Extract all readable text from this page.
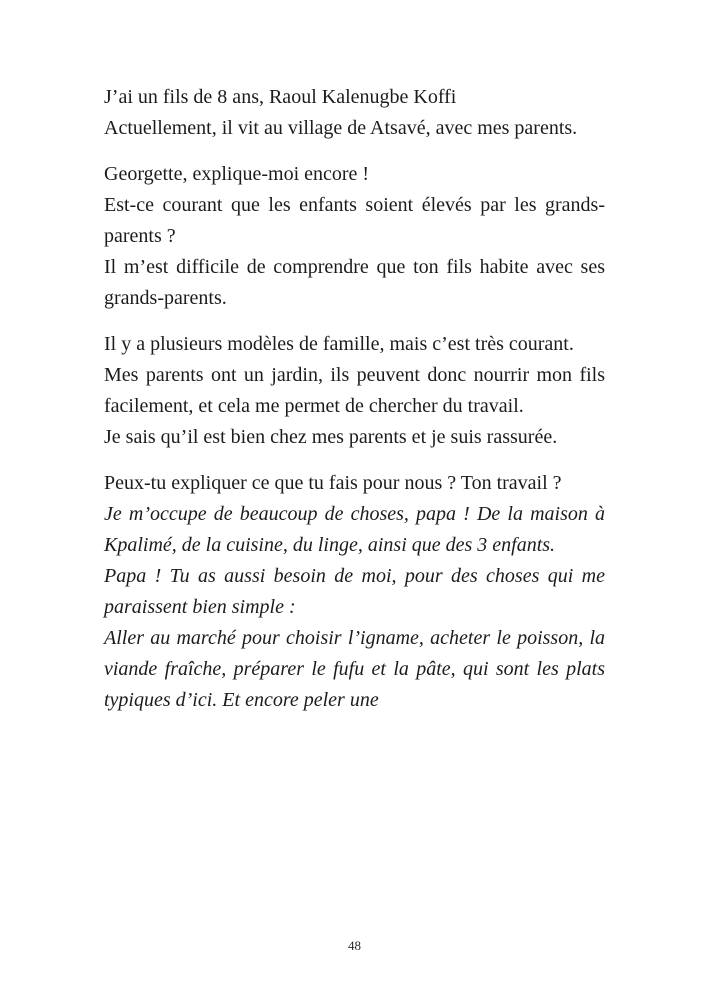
J’ai un fils de 8 ans, Raoul Kalenugbe Koffi

Actuellement, il vit au village de Atsavé, avec mes parents.

Georgette, explique-moi encore !

Est-ce courant que les enfants soient élevés par les grands-parents ?

Il m’est difficile de comprendre que ton fils habite avec ses grands-parents.

Il y a plusieurs modèles de famille, mais c’est très courant.

Mes parents ont un jardin, ils peuvent donc nourrir mon fils facilement, et cela me permet de chercher du travail.

Je sais qu’il est bien chez mes parents et je suis rassurée.

Peux-tu expliquer ce que tu fais pour nous ? Ton travail ?

Je m’occupe de beaucoup de choses, papa ! De la maison à Kpalimé, de la cuisine, du linge, ainsi que des 3 enfants.

Papa ! Tu as aussi besoin de moi, pour des choses qui me paraissent bien simple :

Aller au marché pour choisir l’igname, acheter le poisson, la viande fraîche, préparer le fufu et la pâte, qui sont les plats typiques d’ici. Et encore peler une

48
